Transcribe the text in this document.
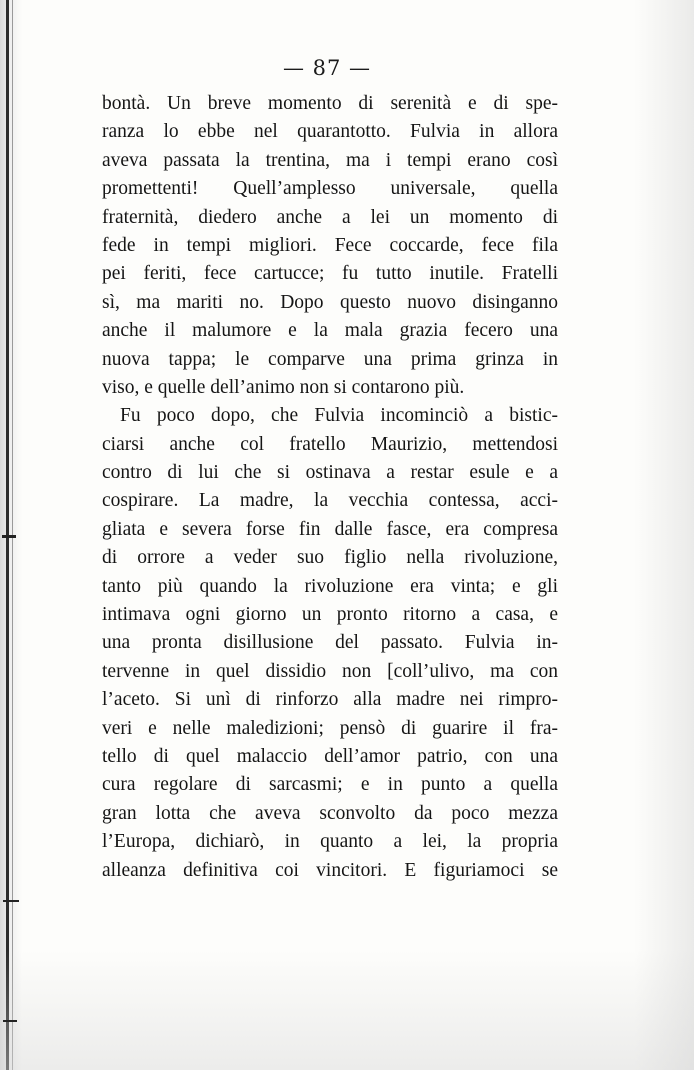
— 87 —
bontà. Un breve momento di serenità e di spe-
ranza lo ebbe nel quarantotto. Fulvia in allora
aveva passata la trentina, ma i tempi erano così
promettenti! Quell’amplesso universale, quella
fraternità, diedero anche a lei un momento di
fede in tempi migliori. Fece coccarde, fece fila
pei feriti, fece cartucce; fu tutto inutile. Fratelli
sì, ma mariti no. Dopo questo nuovo disinganno
anche il malumore e la mala grazia fecero una
nuova tappa; le comparve una prima grinza in
viso, e quelle dell’animo non si contarono più.
Fu poco dopo, che Fulvia incominciò a bistic-
ciarsi anche col fratello Maurizio, mettendosi
contro di lui che si ostinava a restar esule e a
cospirare. La madre, la vecchia contessa, acci-
gliata e severa forse fin dalle fasce, era compresa
di orrore a veder suo figlio nella rivoluzione,
tanto più quando la rivoluzione era vinta; e gli
intimava ogni giorno un pronto ritorno a casa, e
una pronta disillusione del passato. Fulvia in-
tervenne in quel dissidio non [coll’ulivo, ma con
l’aceto. Si unì di rinforzo alla madre nei rimpro-
veri e nelle maledizioni; pensò di guarire il fra-
tello di quel malaccio dell’amor patrio, con una
cura regolare di sarcasmi; e in punto a quella
gran lotta che aveva sconvolto da poco mezza
l’Europa, dichiarò, in quanto a lei, la propria
alleanza definitiva coi vincitori. E figuriamoci se
